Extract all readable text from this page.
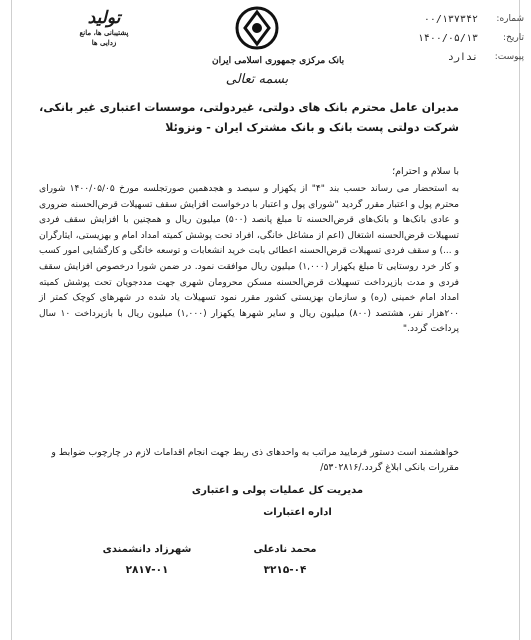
شماره:
۰۰/۱۳۷۳۴۲
تاریخ:
۱۴۰۰/۰۵/۱۳
پیوست:
ندارد
بانک مرکزی جمهوری اسلامی ایران
بسمه تعالی
تولید
پشتیبانی ها، مانع زدایی ها
مدیران عامل محترم بانک های دولتی، غیردولتی، موسسات اعتباری غیر بانکی، شرکت دولتی پست بانک و بانک مشترک ایران - ونزوئلا
با سلام و احترام؛
به استحضار می رساند حسب بند "۴" از یکهزار و سیصد و هجدهمین صورتجلسه مورخ ۱۴۰۰/۰۵/۰۵ شورای محترم پول و اعتبار مقرر گردید "شورای پول و اعتبار با درخواست افزایش سقف تسهیلات قرض‌الحسنه ضروری و عادی بانک‌ها و بانک‌های قرض‌الحسنه تا مبلغ پانصد (۵۰۰) میلیون ریال و همچنین با افزایش سقف فردی تسهیلات قرض‌الحسنه اشتغال (اعم از مشاغل خانگی، افراد تحت پوشش کمیته امداد امام و بهزیستی، ایثارگران و ...) و سقف فردی تسهیلات قرض‌الحسنه اعطائی بابت خرید انشعابات و توسعه خانگی و کارگشایی امور کسب و کار خرد روستایی تا مبلغ یکهزار (۱,۰۰۰) میلیون ریال موافقت نمود. در ضمن شورا درخصوص افزایش سقف فردی و مدت بازپرداخت تسهیلات قرض‌الحسنه مسکن محرومان شهری جهت مددجویان تحت پوشش کمیته امداد امام خمینی (ره) و سازمان بهزیستی کشور مقرر نمود تسهیلات یاد شده در شهرهای کوچک کمتر از ۲۰۰هزار نفر، هشتصد (۸۰۰) میلیون ریال و سایر شهرها یکهزار (۱,۰۰۰) میلیون ریال با بازپرداخت ۱۰ سال پرداخت گردد."
خواهشمند است دستور فرمایید مراتب به واحدهای ذی ربط جهت انجام اقدامات لازم در چارچوب ضوابط و مقررات بانکی ابلاغ گردد./۵۳۰۲۸۱۶/
مدیریت کل عملیات پولی و اعتباری
اداره اعتبارات
محمد نادعلی
۳۲۱۵-۰۴
شهرزاد دانشمندی
۲۸۱۷-۰۱
